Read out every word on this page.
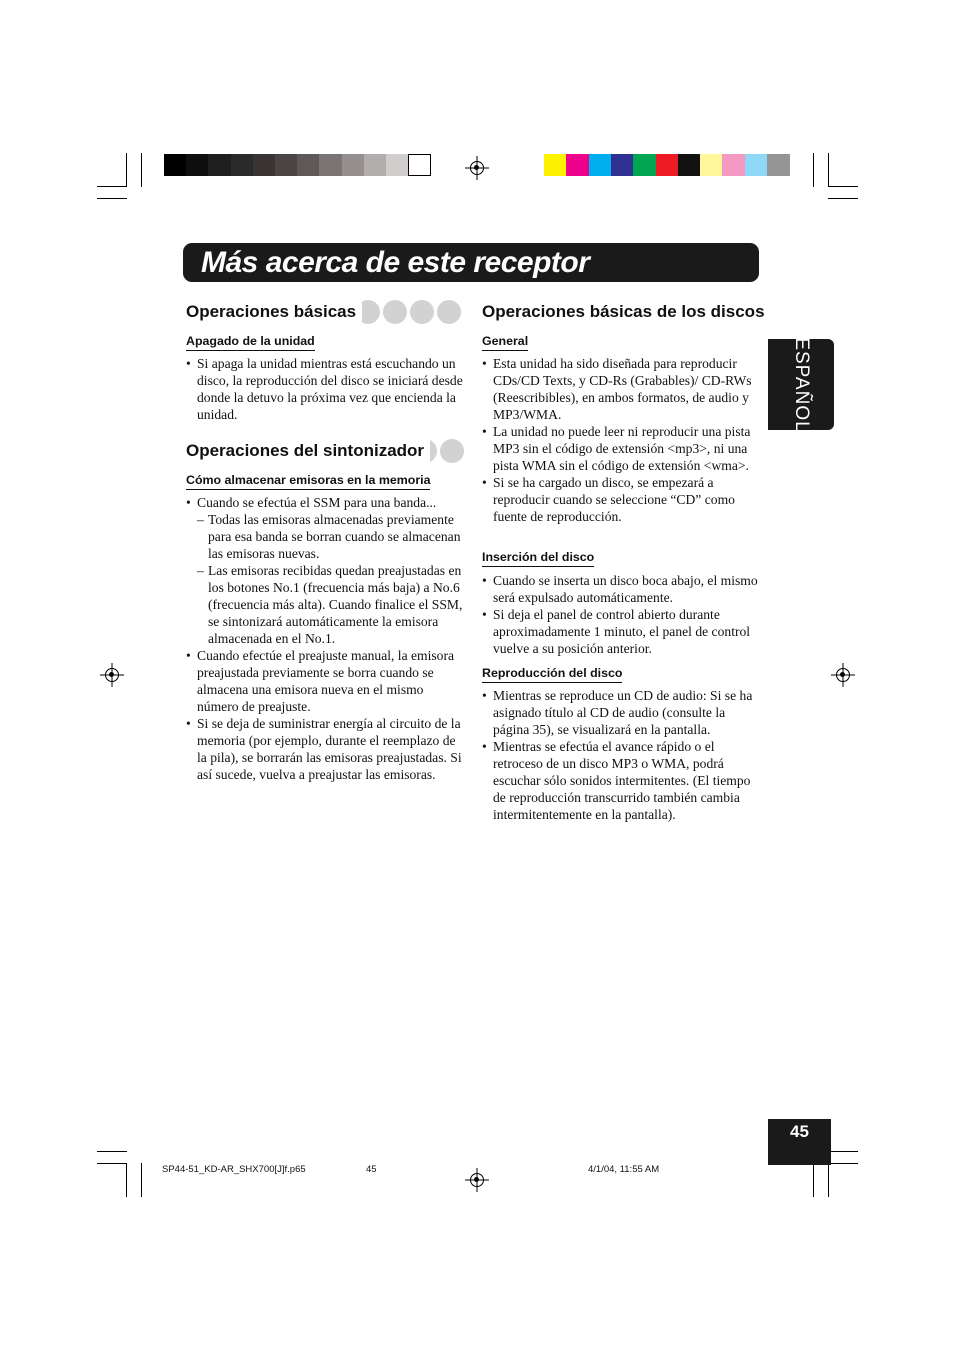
Más acerca de este receptor
ESPAÑOL
Operaciones básicas
Apagado de la unidad
• Si apaga la unidad mientras está escuchando un disco, la reproducción del disco se iniciará desde donde la detuvo la próxima vez que encienda la unidad.
Operaciones del sintonizador
Cómo almacenar emisoras en la memoria
• Cuando se efectúa el SSM para una banda...
– Todas las emisoras almacenadas previamente para esa banda se borran cuando se almacenan las emisoras nuevas.
– Las emisoras recibidas quedan preajustadas en los botones No.1 (frecuencia más baja) a No.6 (frecuencia más alta). Cuando finalice el SSM, se sintonizará automáticamente la emisora almacenada en el No.1.
• Cuando efectúe el preajuste manual, la emisora preajustada previamente se borra cuando se almacena una emisora nueva en el mismo número de preajuste.
• Si se deja de suministrar energía al circuito de la memoria (por ejemplo, durante el reemplazo de la pila), se borrarán las emisoras preajustadas. Si así sucede, vuelva a preajustar las emisoras.
Operaciones básicas de los discos
General
• Esta unidad ha sido diseñada para reproducir CDs/CD Texts, y CD-Rs (Grabables)/ CD-RWs (Reescribibles), en ambos formatos, de audio y MP3/WMA.
• La unidad no puede leer ni reproducir una pista MP3 sin el código de extensión <mp3>, ni una pista WMA sin el código de extensión <wma>.
• Si se ha cargado un disco, se empezará a reproducir cuando se seleccione “CD” como fuente de reproducción.
Inserción del disco
• Cuando se inserta un disco boca abajo, el mismo será expulsado automáticamente.
• Si deja el panel de control abierto durante aproximadamente 1 minuto, el panel de control vuelve a su posición anterior.
Reproducción del disco
• Mientras se reproduce un CD de audio: Si se ha asignado título al CD de audio (consulte la página 35), se visualizará en la pantalla.
• Mientras se efectúa el avance rápido o el retroceso de un disco MP3 o WMA, podrá escuchar sólo sonidos intermitentes. (El tiempo de reproducción transcurrido también cambia intermitentemente en la pantalla).
45
SP44-51_KD-AR_SHX700[J]f.p65	45	4/1/04, 11:55 AM
